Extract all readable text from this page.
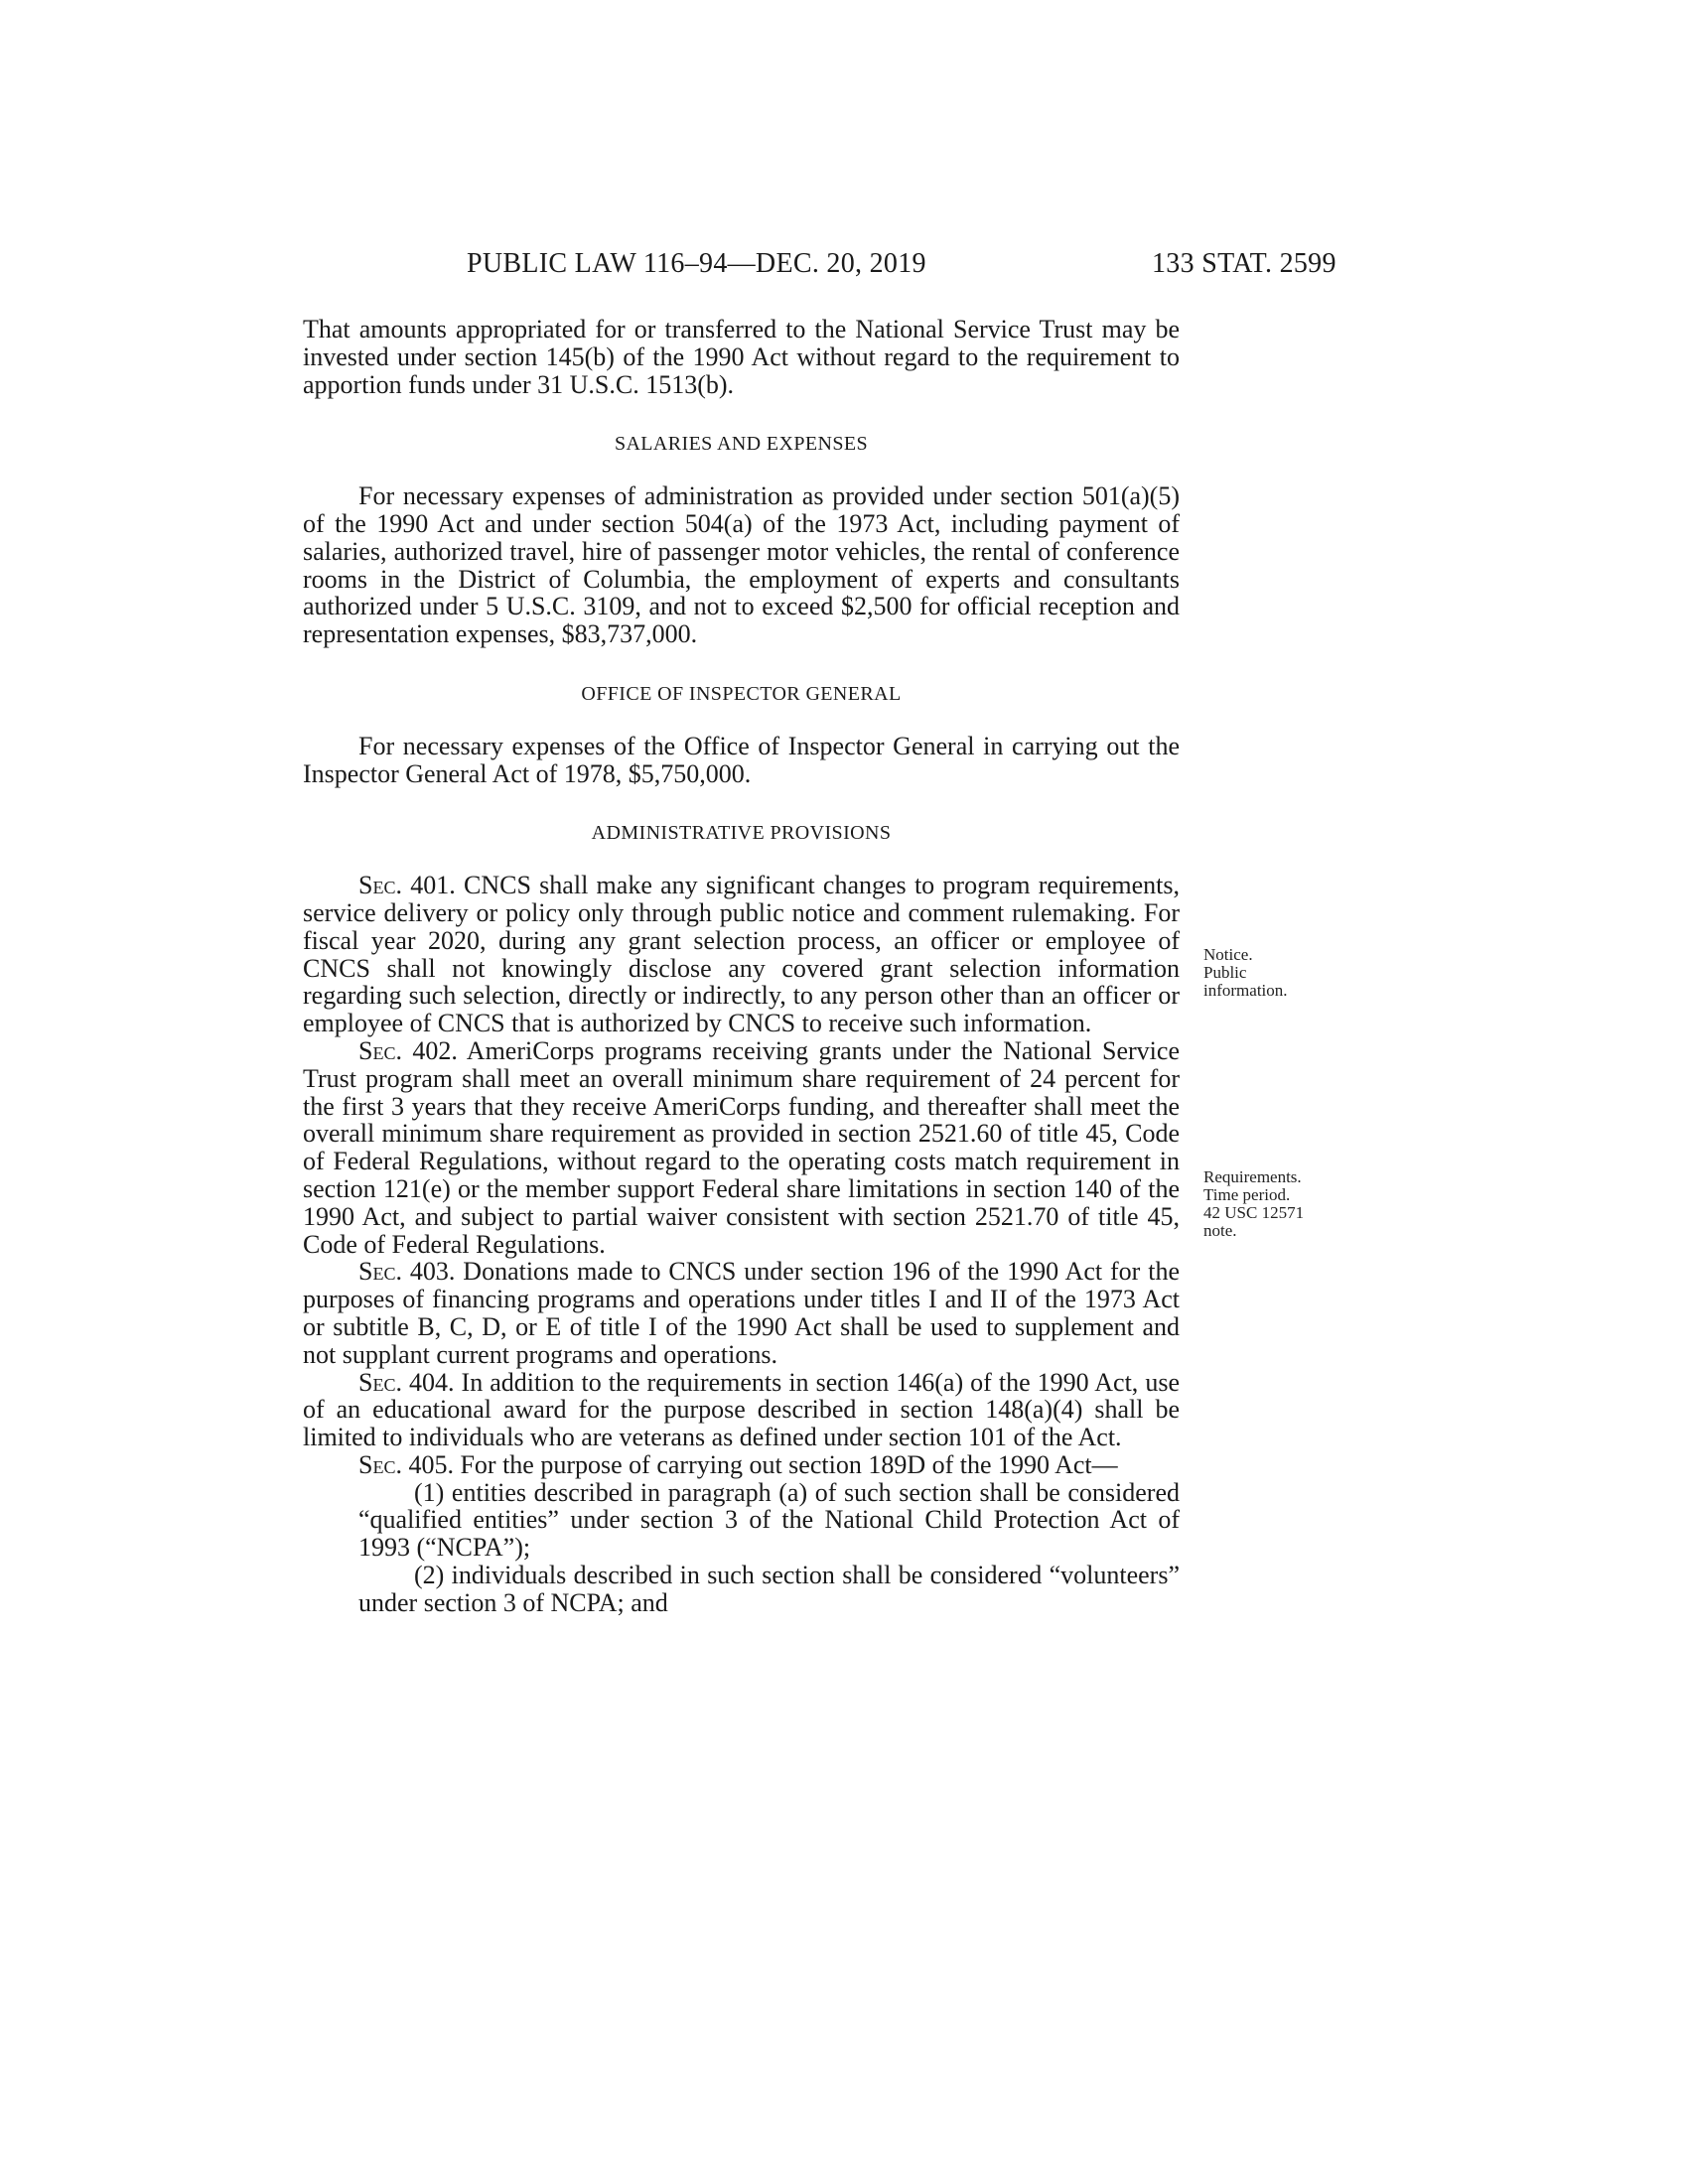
PUBLIC LAW 116–94—DEC. 20, 2019	133 STAT. 2599

That amounts appropriated for or transferred to the National Service Trust may be invested under section 145(b) of the 1990 Act without regard to the requirement to apportion funds under 31 U.S.C. 1513(b).

SALARIES AND EXPENSES

For necessary expenses of administration as provided under section 501(a)(5) of the 1990 Act and under section 504(a) of the 1973 Act, including payment of salaries, authorized travel, hire of passenger motor vehicles, the rental of conference rooms in the District of Columbia, the employment of experts and consultants authorized under 5 U.S.C. 3109, and not to exceed $2,500 for official reception and representation expenses, $83,737,000.

OFFICE OF INSPECTOR GENERAL

For necessary expenses of the Office of Inspector General in carrying out the Inspector General Act of 1978, $5,750,000.

ADMINISTRATIVE PROVISIONS

Sec. 401. CNCS shall make any significant changes to program requirements, service delivery or policy only through public notice and comment rulemaking. For fiscal year 2020, during any grant selection process, an officer or employee of CNCS shall not knowingly disclose any covered grant selection information regarding such selection, directly or indirectly, to any person other than an officer or employee of CNCS that is authorized by CNCS to receive such information.

Sec. 402. AmeriCorps programs receiving grants under the National Service Trust program shall meet an overall minimum share requirement of 24 percent for the first 3 years that they receive AmeriCorps funding, and thereafter shall meet the overall minimum share requirement as provided in section 2521.60 of title 45, Code of Federal Regulations, without regard to the operating costs match requirement in section 121(e) or the member support Federal share limitations in section 140 of the 1990 Act, and subject to partial waiver consistent with section 2521.70 of title 45, Code of Federal Regulations.

Sec. 403. Donations made to CNCS under section 196 of the 1990 Act for the purposes of financing programs and operations under titles I and II of the 1973 Act or subtitle B, C, D, or E of title I of the 1990 Act shall be used to supplement and not supplant current programs and operations.

Sec. 404. In addition to the requirements in section 146(a) of the 1990 Act, use of an educational award for the purpose described in section 148(a)(4) shall be limited to individuals who are veterans as defined under section 101 of the Act.

Sec. 405. For the purpose of carrying out section 189D of the 1990 Act—

(1) entities described in paragraph (a) of such section shall be considered “qualified entities” under section 3 of the National Child Protection Act of 1993 (“NCPA”);

(2) individuals described in such section shall be considered “volunteers” under section 3 of NCPA; and

Notice.
Public
information.
Requirements.
Time period.
42 USC 12571
note.
